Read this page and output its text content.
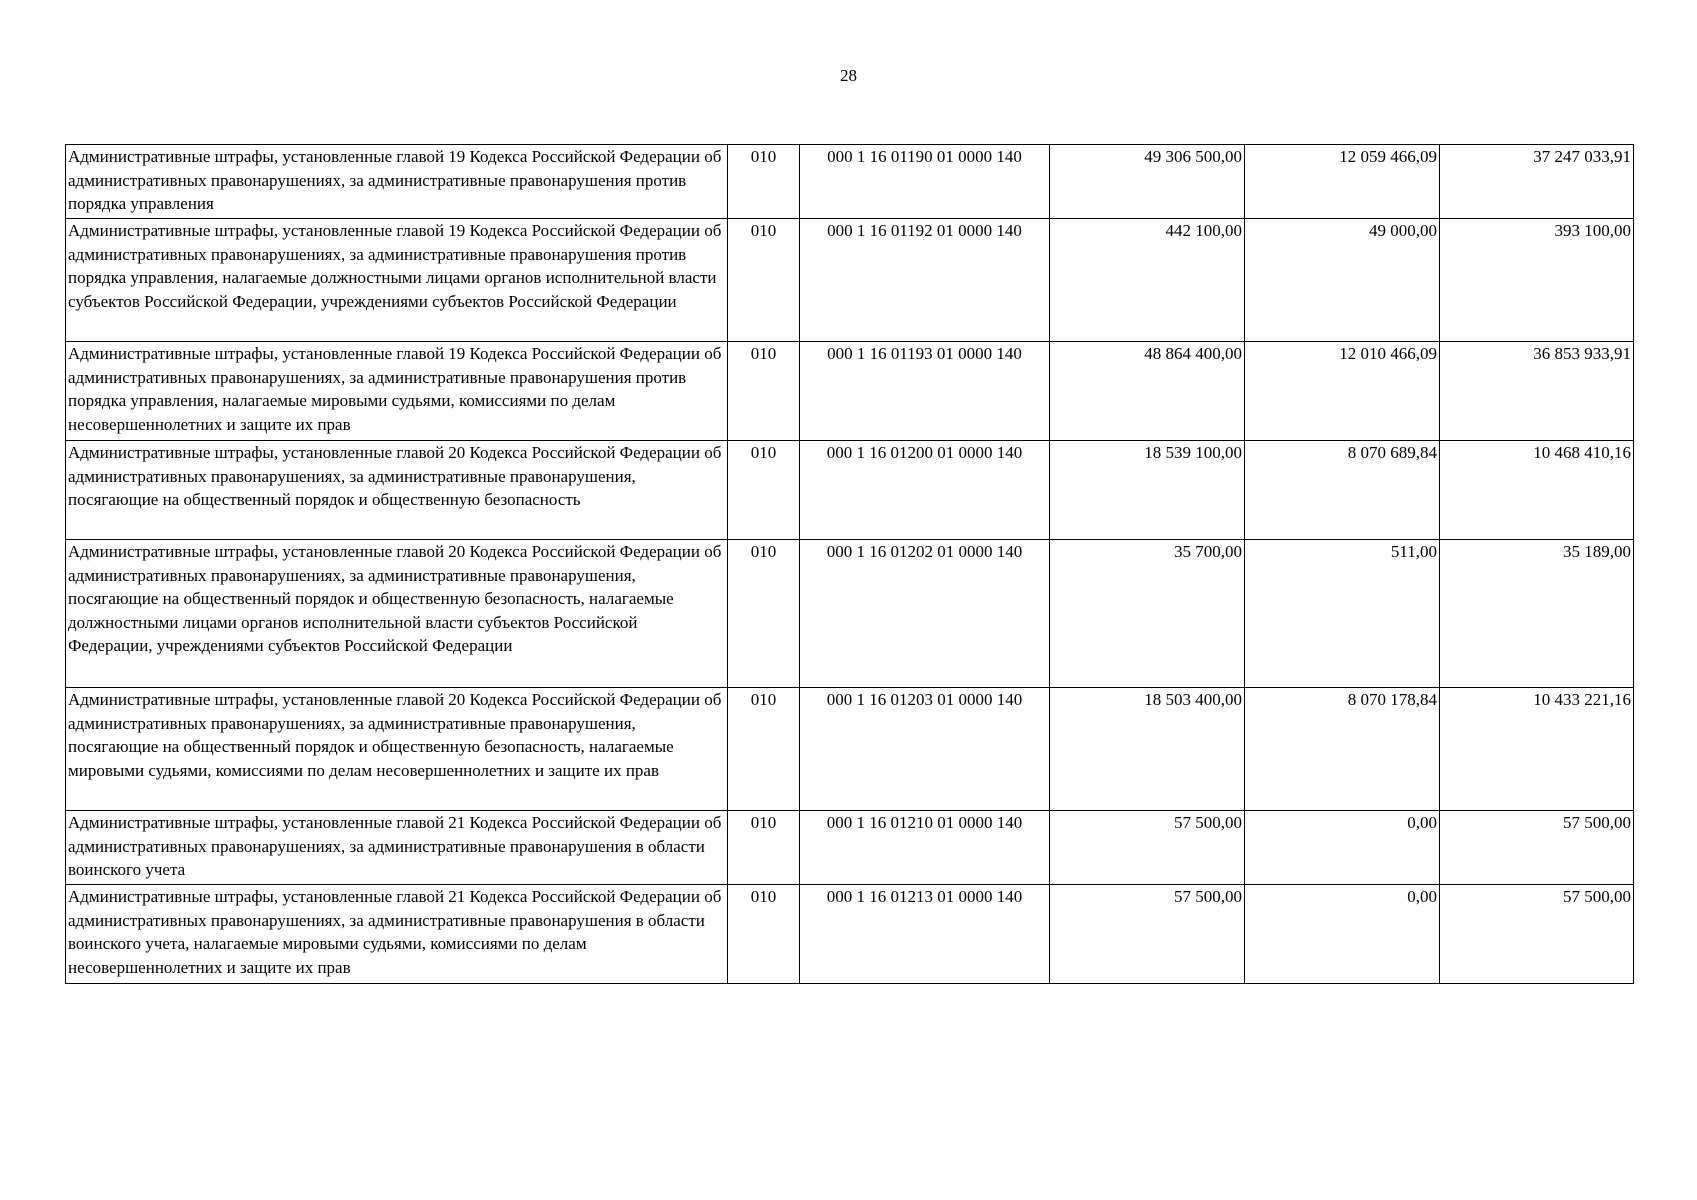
28
Административные штрафы, установленные главой 19 Кодекса Российской Федерации об административных правонарушениях, за административные правонарушения против порядка управления	010	000 1 16 01190 01 0000 140	49 306 500,00	12 059 466,09	37 247 033,91
Административные штрафы, установленные главой 19 Кодекса Российской Федерации об административных правонарушениях, за административные правонарушения против порядка управления, налагаемые должностными лицами органов исполнительной власти субъектов Российской Федерации, учреждениями субъектов Российской Федерации	010	000 1 16 01192 01 0000 140	442 100,00	49 000,00	393 100,00
Административные штрафы, установленные главой 19 Кодекса Российской Федерации об административных правонарушениях, за административные правонарушения против порядка управления, налагаемые мировыми судьями, комиссиями по делам несовершеннолетних и защите их прав	010	000 1 16 01193 01 0000 140	48 864 400,00	12 010 466,09	36 853 933,91
Административные штрафы, установленные главой 20 Кодекса Российской Федерации об административных правонарушениях, за административные правонарушения, посягающие на общественный порядок и общественную безопасность	010	000 1 16 01200 01 0000 140	18 539 100,00	8 070 689,84	10 468 410,16
Административные штрафы, установленные главой 20 Кодекса Российской Федерации об административных правонарушениях, за административные правонарушения, посягающие на общественный порядок и общественную безопасность, налагаемые должностными лицами органов исполнительной власти субъектов Российской Федерации, учреждениями субъектов Российской Федерации	010	000 1 16 01202 01 0000 140	35 700,00	511,00	35 189,00
Административные штрафы, установленные главой 20 Кодекса Российской Федерации об административных правонарушениях, за административные правонарушения, посягающие на общественный порядок и общественную безопасность, налагаемые мировыми судьями, комиссиями по делам несовершеннолетних и защите их прав	010	000 1 16 01203 01 0000 140	18 503 400,00	8 070 178,84	10 433 221,16
Административные штрафы, установленные главой 21 Кодекса Российской Федерации об административных правонарушениях, за административные правонарушения в области воинского учета	010	000 1 16 01210 01 0000 140	57 500,00	0,00	57 500,00
Административные штрафы, установленные главой 21 Кодекса Российской Федерации об административных правонарушениях, за административные правонарушения в области воинского учета, налагаемые мировыми судьями, комиссиями по делам несовершеннолетних и защите их прав	010	000 1 16 01213 01 0000 140	57 500,00	0,00	57 500,00
